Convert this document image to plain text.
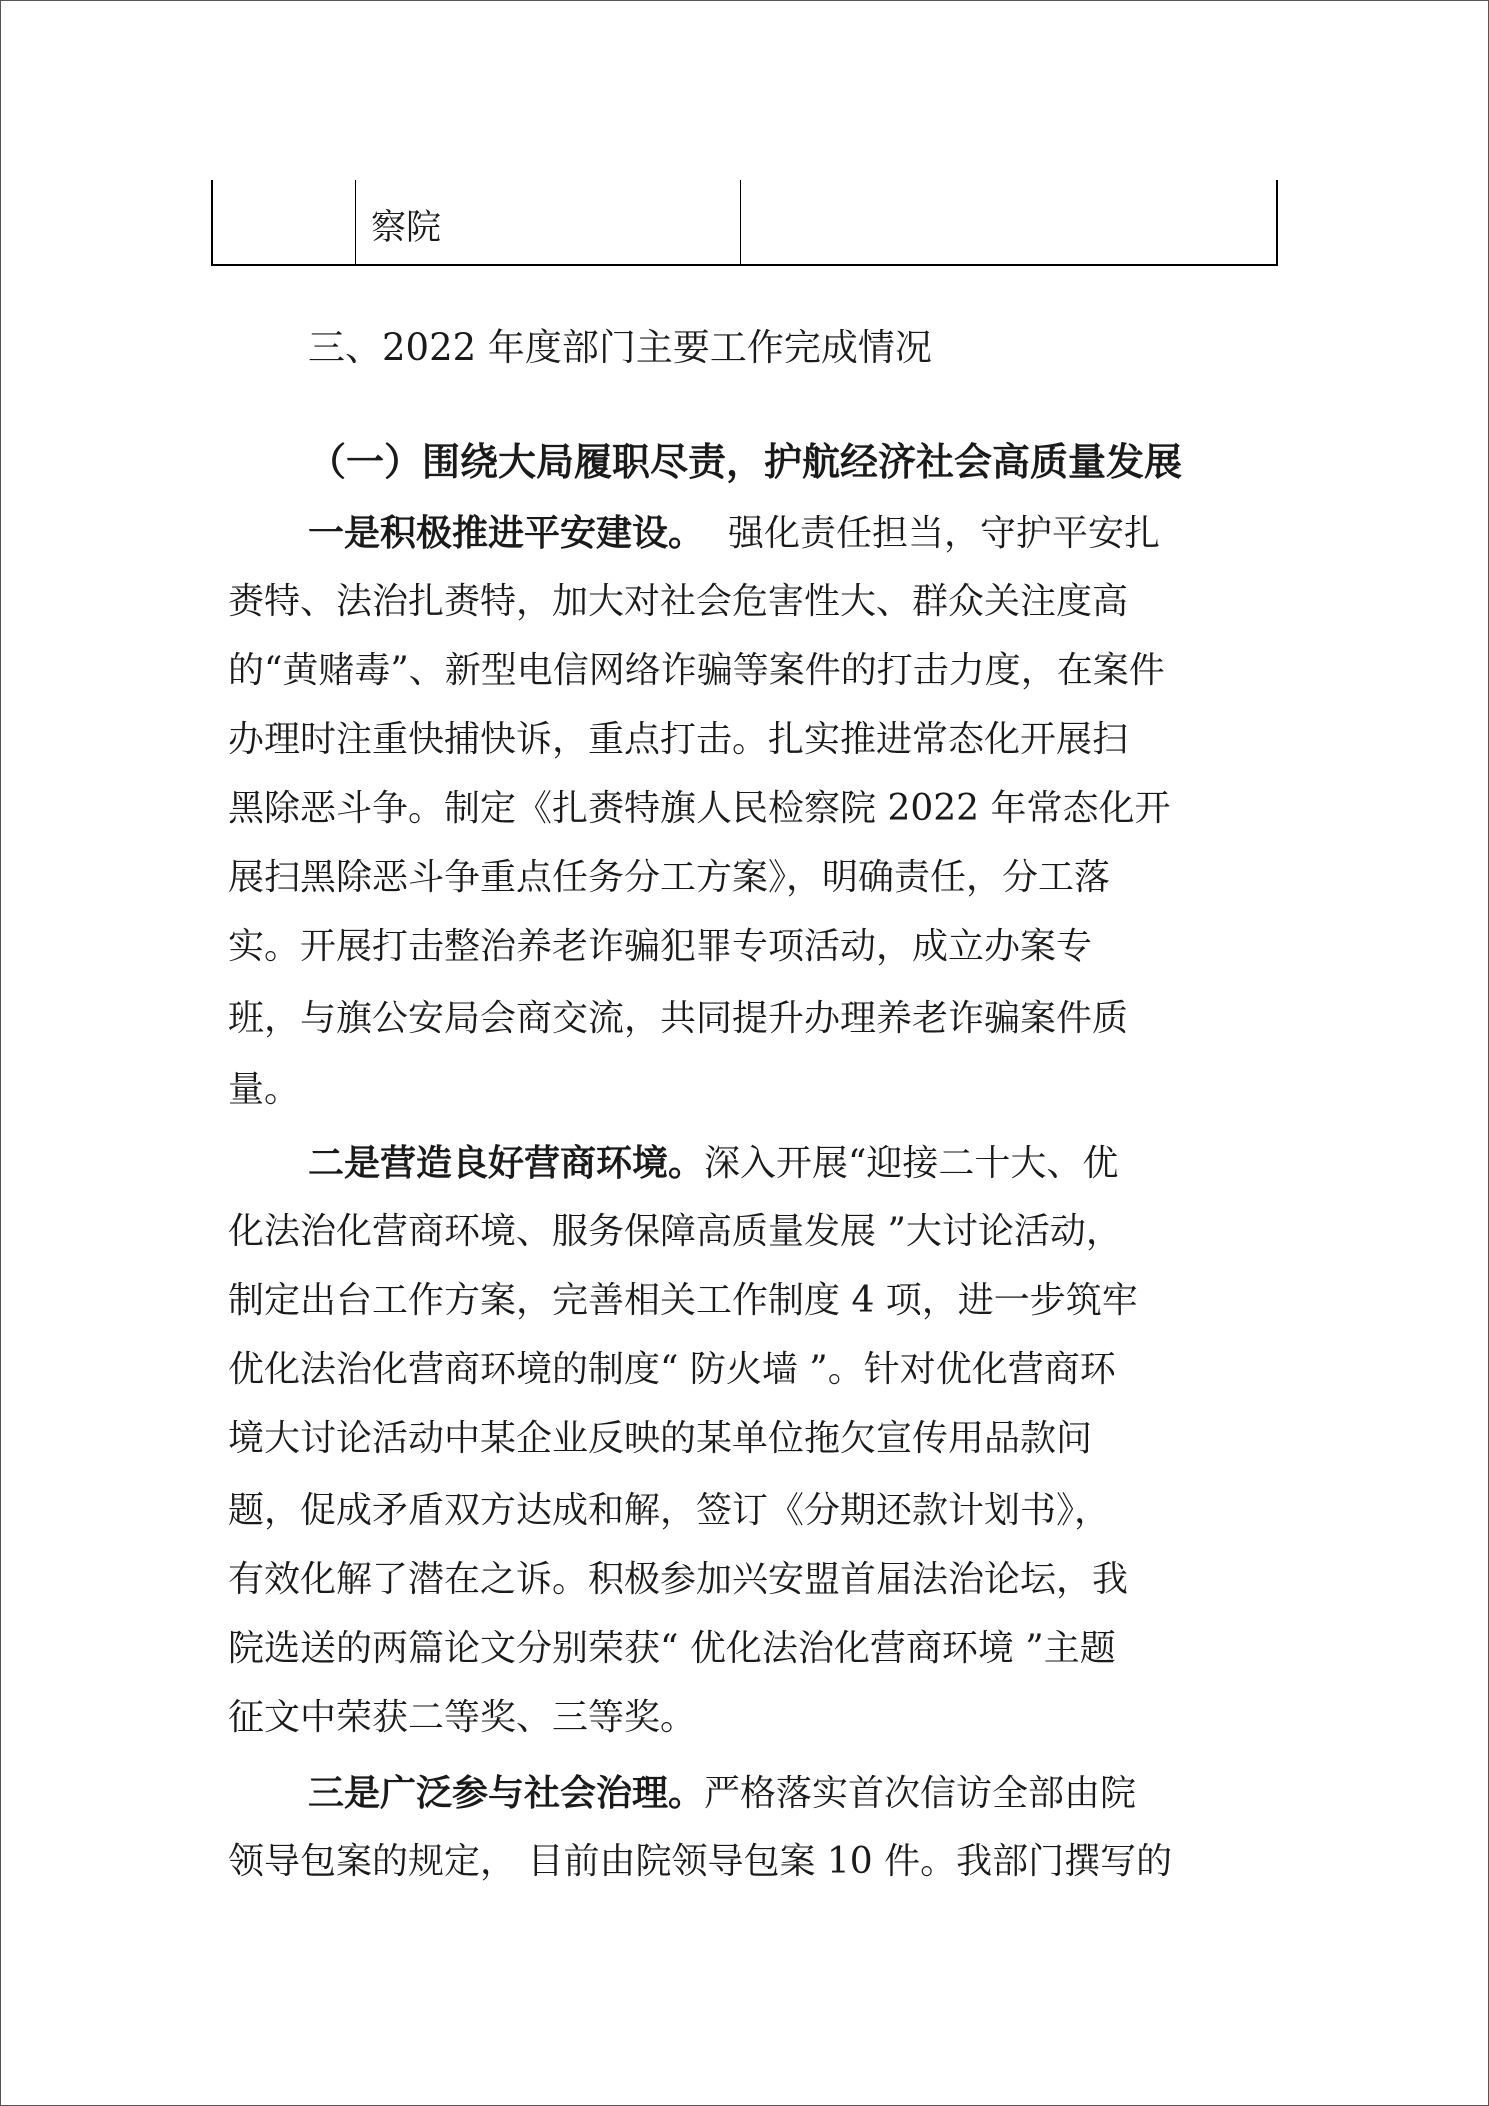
察院
三、2022 年度部门主要工作完成情况
（一）围绕大局履职尽责，护航经济社会高质量发展
一是积极推进平安建设。 强化责任担当，守护平安扎
赉特、法治扎赉特，加大对社会危害性大、群众关注度高
的“黄赌毒”、新型电信网络诈骗等案件的打击力度，在案件
办理时注重快捕快诉，重点打击。扎实推进常态化开展扫
黑除恶斗争。制定《扎赉特旗人民检察院 2022 年常态化开
展扫黑除恶斗争重点任务分工方案》，明确责任，分工落
实。开展打击整治养老诈骗犯罪专项活动，成立办案专
班，与旗公安局会商交流，共同提升办理养老诈骗案件质
量。
二是营造良好营商环境。深入开展“迎接二十大、优
化法治化营商环境、服务保障高质量发展 ”大讨论活动，
制定出台工作方案，完善相关工作制度 4 项，进一步筑牢
优化法治化营商环境的制度“ 防火墙 ”。针对优化营商环
境大讨论活动中某企业反映的某单位拖欠宣传用品款问
题，促成矛盾双方达成和解，签订《分期还款计划书》，
有效化解了潜在之诉。积极参加兴安盟首届法治论坛，我
院选送的两篇论文分别荣获“ 优化法治化营商环境 ”主题
征文中荣获二等奖、三等奖。
三是广泛参与社会治理。严格落实首次信访全部由院
领导包案的规定， 目前由院领导包案 10 件。我部门撰写的
